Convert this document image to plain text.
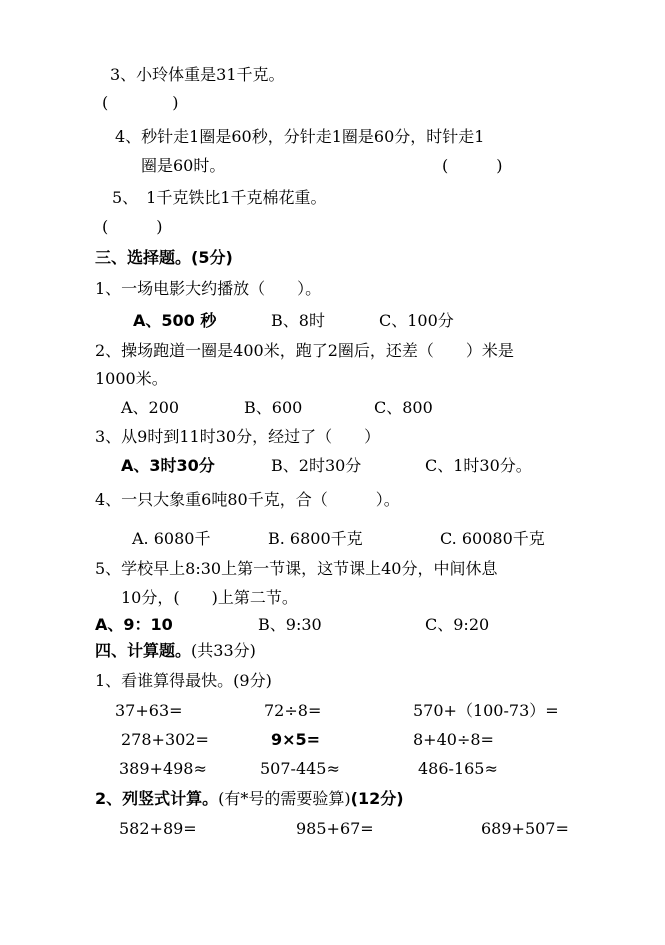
3、小玲体重是31千克。
(　　　　)
4、秒针走1圈是60秒，分针走1圈是60分，时针走1
圈是60时。	(　　　)
5、　1千克铁比1千克棉花重。
(　　　)
三、选择题。(5分)
1、一场电影大约播放（　　）。
A、500 秒	B、8时	C、100分
2、操场跑道一圈是400米，跑了2圈后，还差（　　）米是
1000米。
A、200	B、600	C、800
3、从9时到11时30分，经过了（　　）
A、3时30分	B、2时30分	C、1时30分。
4、一只大象重6吨80千克，合（　　　）。
A. 6080千	B. 6800千克	C. 60080千克
5、学校早上8:30上第一节课，这节课上40分，中间休息
10分，(　　)上第二节。
A、9：10	B、9:30	C、9:20
四、计算题。(共33分)
1、看谁算得最快。(9分)
37+63=	72÷8=	570+（100-73）=
278+302=	9×5=	8+40÷8=
389+498≈	507-445≈	486-165≈
2、列竖式计算。(有*号的需要验算)(12分)
582+89=	985+67=	689+507=
